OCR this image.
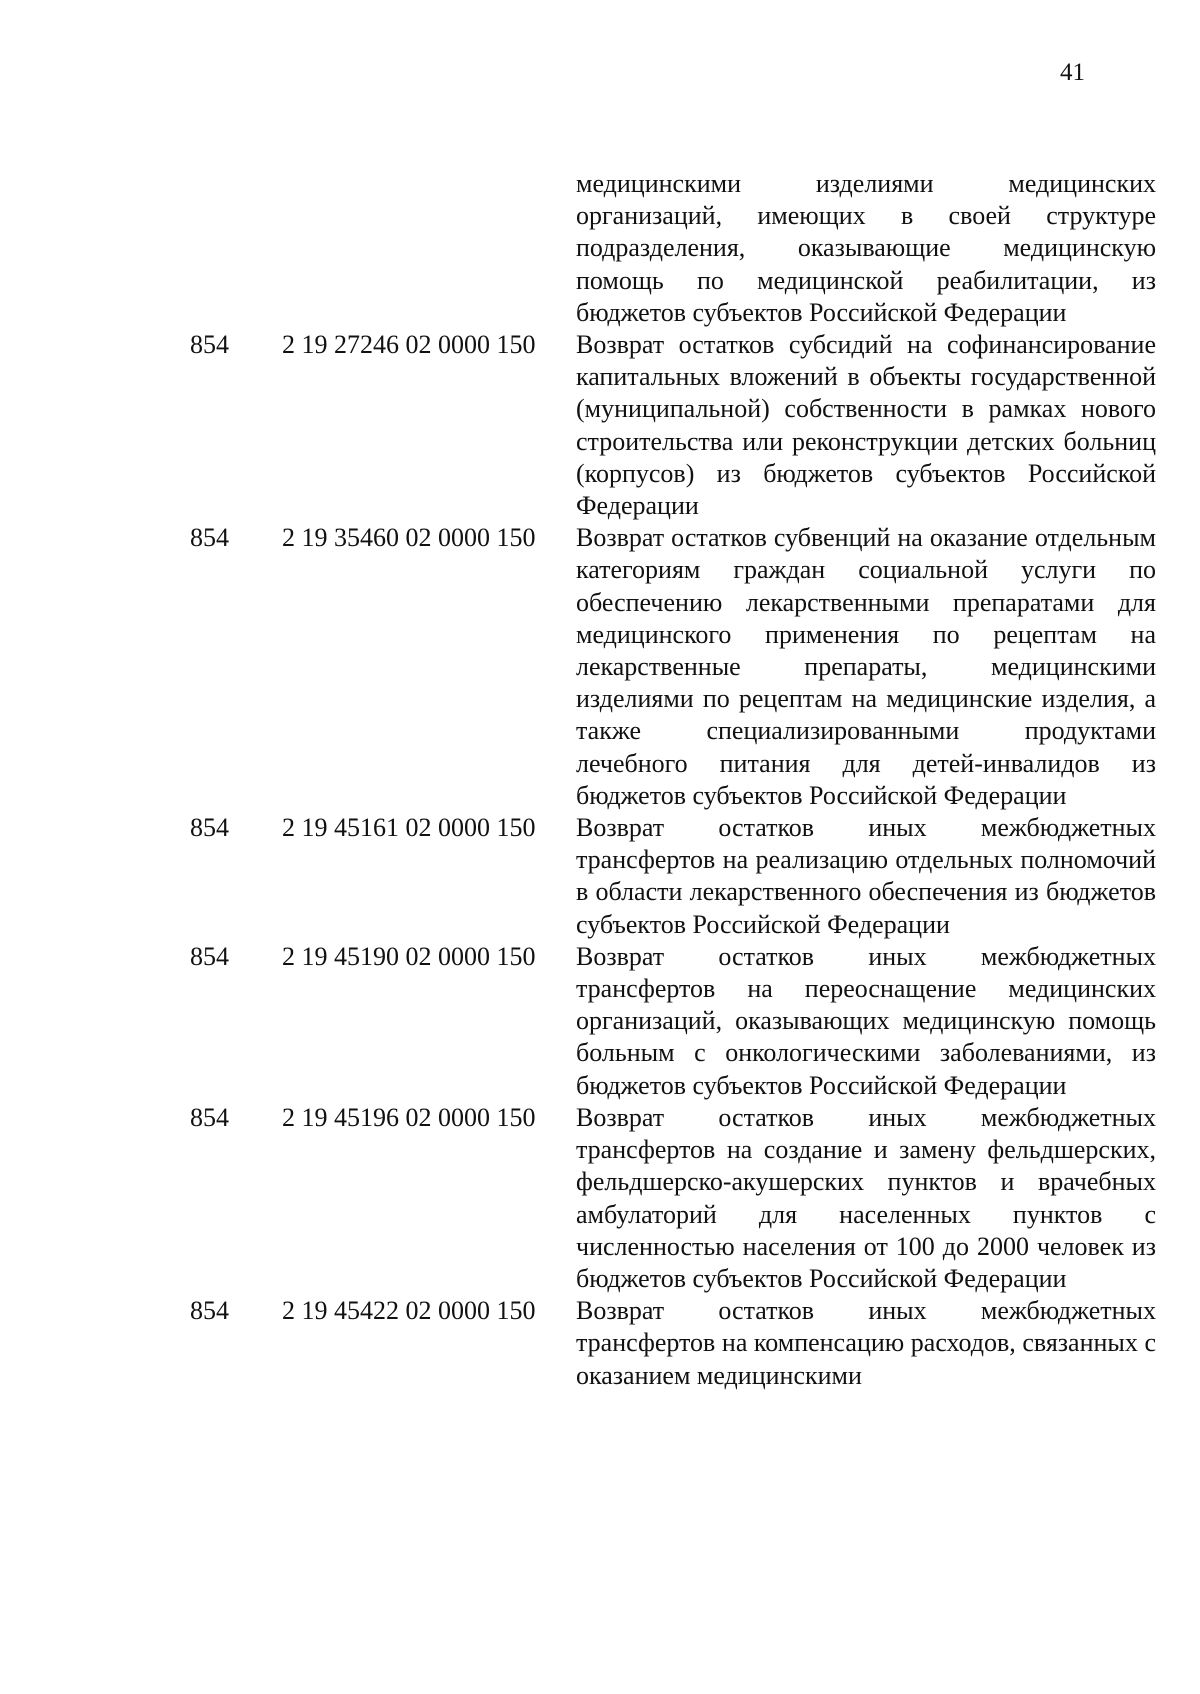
41
медицинскими изделиями медицинских организаций, имеющих в своей структуре подразделения, оказывающие медицинскую помощь по медицинской реабилитации, из бюджетов субъектов Российской Федерации
854 2 19 27246 02 0000 150 Возврат остатков субсидий на софинансирование капитальных вложений в объекты государственной (муниципальной) собственности в рамках нового строительства или реконструкции детских больниц (корпусов) из бюджетов субъектов Российской Федерации
854 2 19 35460 02 0000 150 Возврат остатков субвенций на оказание отдельным категориям граждан социальной услуги по обеспечению лекарственными препаратами для медицинского применения по рецептам на лекарственные препараты, медицинскими изделиями по рецептам на медицинские изделия, а также специализированными продуктами лечебного питания для детей-инвалидов из бюджетов субъектов Российской Федерации
854 2 19 45161 02 0000 150 Возврат остатков иных межбюджетных трансфертов на реализацию отдельных полномочий в области лекарственного обеспечения из бюджетов субъектов Российской Федерации
854 2 19 45190 02 0000 150 Возврат остатков иных межбюджетных трансфертов на переоснащение медицинских организаций, оказывающих медицинскую помощь больным с онкологическими заболеваниями, из бюджетов субъектов Российской Федерации
854 2 19 45196 02 0000 150 Возврат остатков иных межбюджетных трансфертов на создание и замену фельдшерских, фельдшерско-акушерских пунктов и врачебных амбулаторий для населенных пунктов с численностью населения от 100 до 2000 человек из бюджетов субъектов Российской Федерации
854 2 19 45422 02 0000 150 Возврат остатков иных межбюджетных трансфертов на компенсацию расходов, связанных с оказанием медицинскими
